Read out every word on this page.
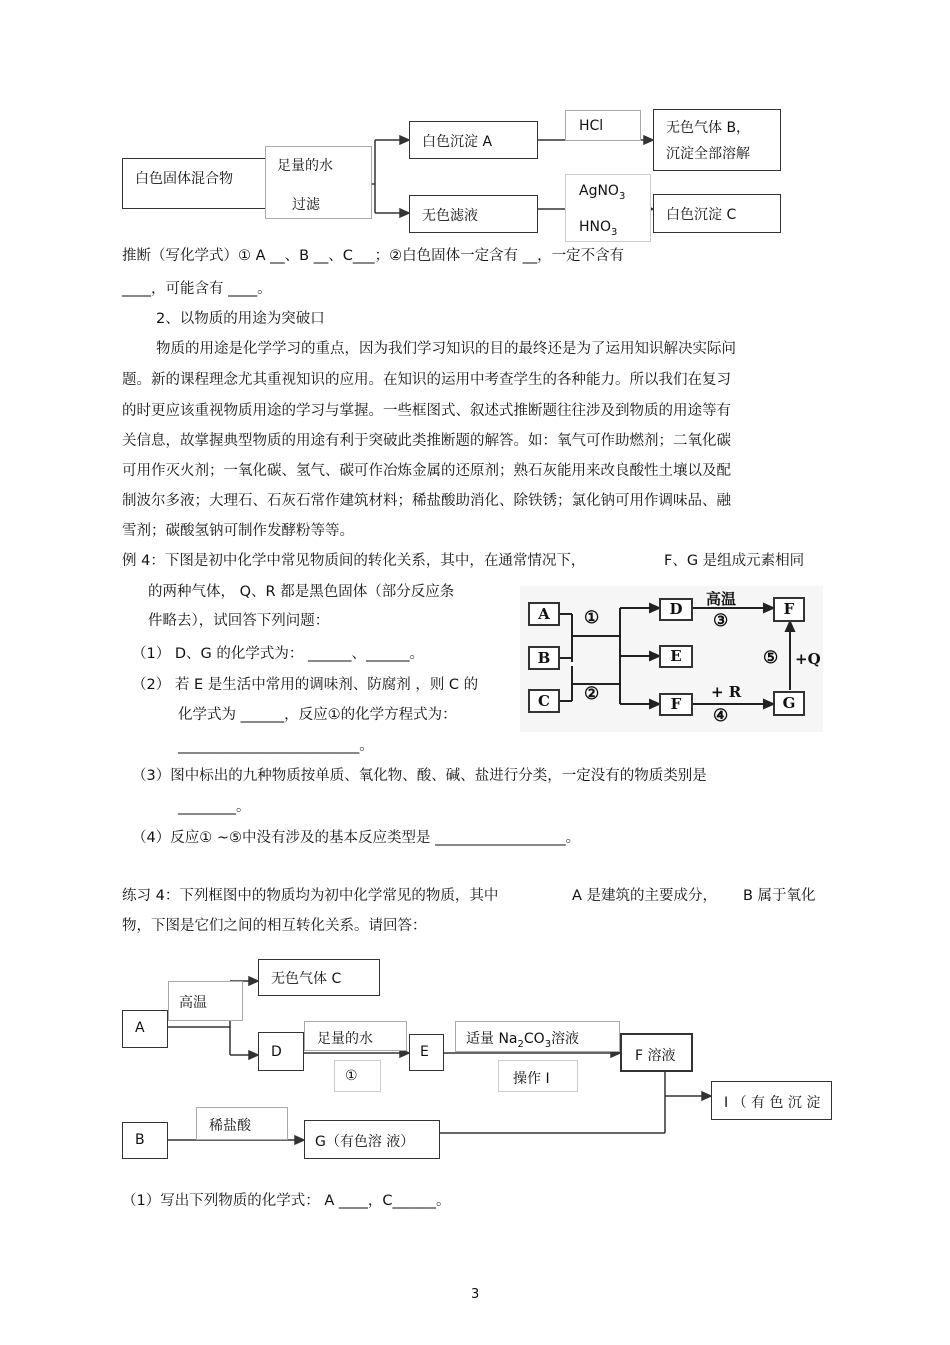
白色固体混合物
足量的水
过滤
白色沉淀 A
无色滤液
HCl
AgNO$_3$
$HNO_3$
无色气体 B，
沉淀全部溶解
白色沉淀 C
推断（写化学式）① A __、B __、C___；②白色固体一定含有 __，一定不含有
____，可能含有 ____。
2、以物质的用途为突破口
物质的用途是化学学习的重点，因为我们学习知识的目的最终还是为了运用知识解决实际问
题。新的课程理念尤其重视知识的应用。在知识的运用中考查学生的各种能力。所以我们在复习
的时更应该重视物质用途的学习与掌握。一些框图式、叙述式推断题往往涉及到物质的用途等有
关信息，故掌握典型物质的用途有利于突破此类推断题的解答。如：氧气可作助燃剂；二氧化碳
可用作灭火剂；一氧化碳、氢气、碳可作冶炼金属的还原剂；熟石灰能用来改良酸性土壤以及配
制波尔多液；大理石、石灰石常作建筑材料；稀盐酸助消化、除铁锈；氯化钠可用作调味品、融
雪剂；碳酸氢钠可制作发酵粉等等。
例 4：下图是初中化学中常见物质间的转化关系，其中，在通常情况下，	F、G 是组成元素相同
的两种气体， Q、R 都是黑色固体（部分反应条
件略去），试回答下列问题：
（1） D、G 的化学式为： ______、______。
（2） 若 E 是生活中常用的调味剂、防腐剂 ，则 C 的
化学式为 ______，反应①的化学方程式为：
_________________________。
（3）图中标出的九种物质按单质、氧化物、酸、碱、盐进行分类，一定没有的物质类别是
________。
（4）反应① ~⑤中没有涉及的基本反应类型是 __________________。
A
B
C
D
E
F
F
G
①
②
高温
③
+ R
④
⑤ +Q
练习 4：下列框图中的物质均为初中化学常见的物质，其中	A 是建筑的主要成分， B 属于氧化
物，下图是它们之间的相互转化关系。请回答：
A
高温
无色气体 C
D
足量的水
①
E
适量 $Na_2CO_3$溶液
操作 I
F 溶液
I （ 有 色 沉 淀
B
稀盐酸
G（有色溶 液）
（1）写出下列物质的化学式： A ____，C______。
3
